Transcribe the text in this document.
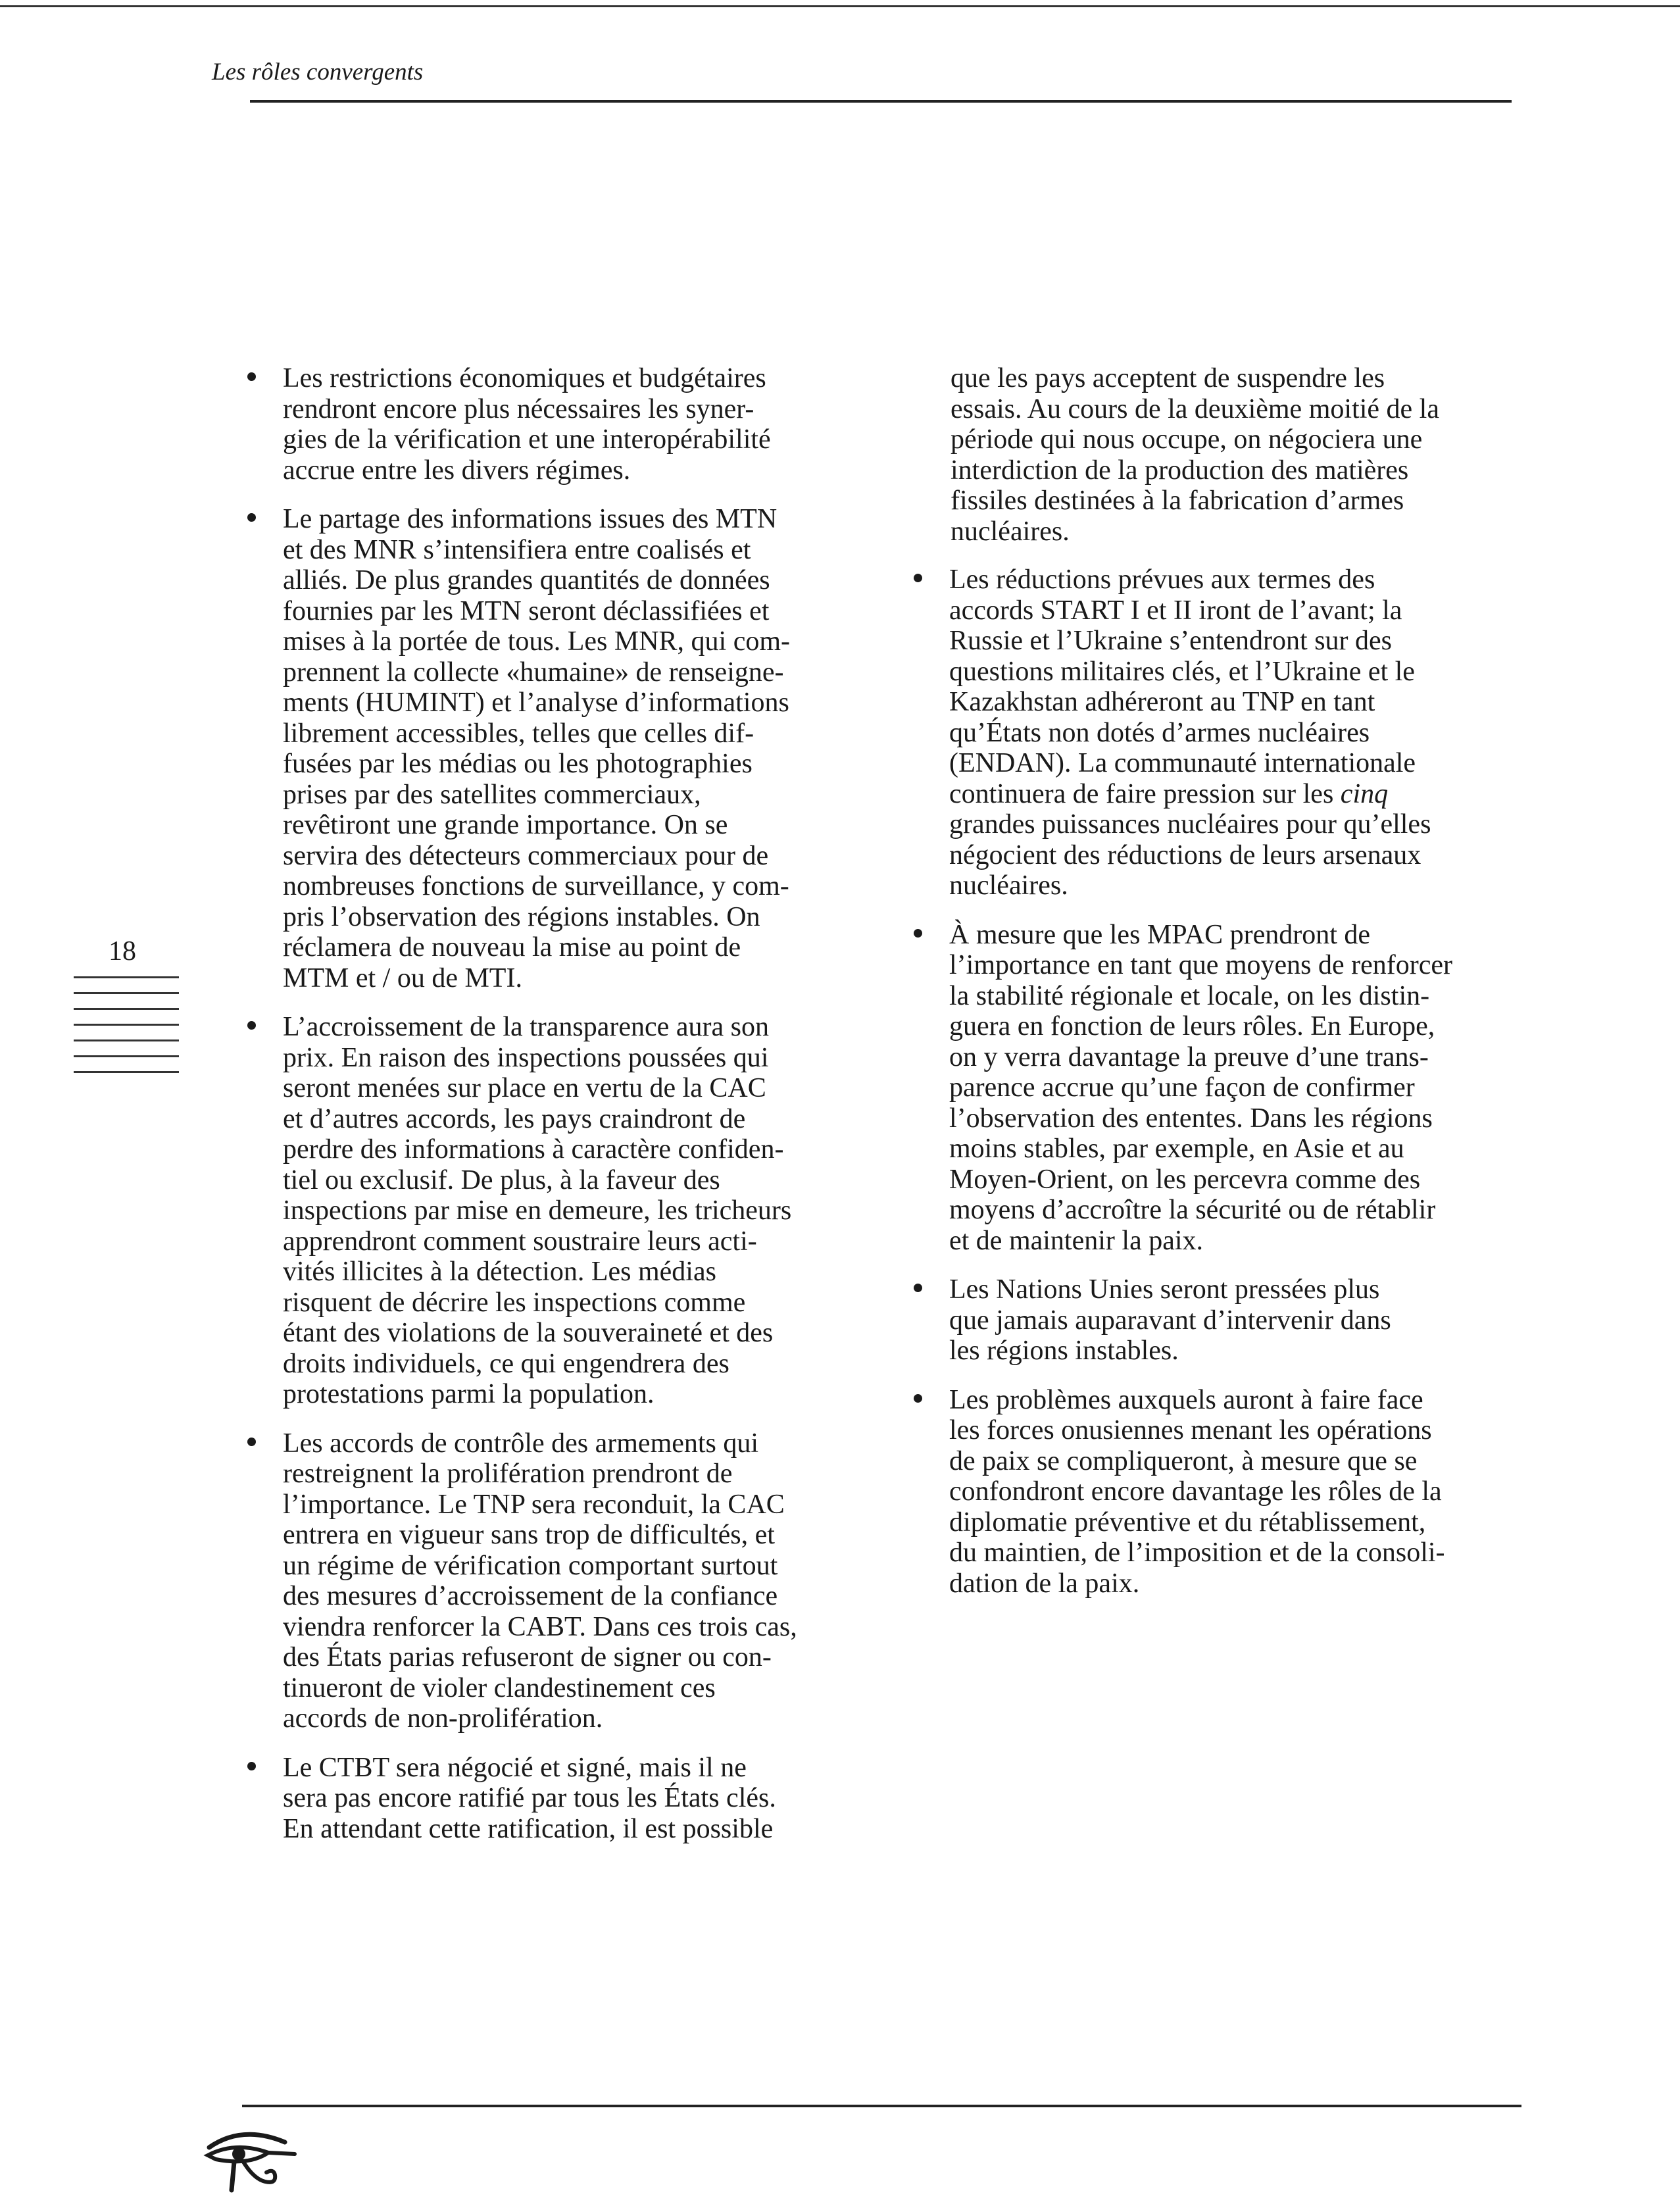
Les rôles convergents
18
Les restrictions économiques et budgétaires
rendront encore plus nécessaires les syner-
gies de la vérification et une interopérabilité
accrue entre les divers régimes.
Le partage des informations issues des MTN
et des MNR s’intensifiera entre coalisés et
alliés. De plus grandes quantités de données
fournies par les MTN seront déclassifiées et
mises à la portée de tous. Les MNR, qui com-
prennent la collecte «humaine» de renseigne-
ments (HUMINT) et l’analyse d’informations
librement accessibles, telles que celles dif-
fusées par les médias ou les photographies
prises par des satellites commerciaux,
revêtiront une grande importance. On se
servira des détecteurs commerciaux pour de
nombreuses fonctions de surveillance, y com-
pris l’observation des régions instables. On
réclamera de nouveau la mise au point de
MTM et / ou de MTI.
L’accroissement de la transparence aura son
prix. En raison des inspections poussées qui
seront menées sur place en vertu de la CAC
et d’autres accords, les pays craindront de
perdre des informations à caractère confiden-
tiel ou exclusif. De plus, à la faveur des
inspections par mise en demeure, les tricheurs
apprendront comment soustraire leurs acti-
vités illicites à la détection. Les médias
risquent de décrire les inspections comme
étant des violations de la souveraineté et des
droits individuels, ce qui engendrera des
protestations parmi la population.
Les accords de contrôle des armements qui
restreignent la prolifération prendront de
l’importance. Le TNP sera reconduit, la CAC
entrera en vigueur sans trop de difficultés, et
un régime de vérification comportant surtout
des mesures d’accroissement de la confiance
viendra renforcer la CABT. Dans ces trois cas,
des États parias refuseront de signer ou con-
tinueront de violer clandestinement ces
accords de non-prolifération.
Le CTBT sera négocié et signé, mais il ne
sera pas encore ratifié par tous les États clés.
En attendant cette ratification, il est possible
que les pays acceptent de suspendre les
essais. Au cours de la deuxième moitié de la
période qui nous occupe, on négociera une
interdiction de la production des matières
fissiles destinées à la fabrication d’armes
nucléaires.
Les réductions prévues aux termes des
accords START I et II iront de l’avant; la
Russie et l’Ukraine s’entendront sur des
questions militaires clés, et l’Ukraine et le
Kazakhstan adhéreront au TNP en tant
qu’États non dotés d’armes nucléaires
(ENDAN). La communauté internationale
continuera de faire pression sur les cinq
grandes puissances nucléaires pour qu’elles
négocient des réductions de leurs arsenaux
nucléaires.
À mesure que les MPAC prendront de
l’importance en tant que moyens de renforcer
la stabilité régionale et locale, on les distin-
guera en fonction de leurs rôles. En Europe,
on y verra davantage la preuve d’une trans-
parence accrue qu’une façon de confirmer
l’observation des ententes. Dans les régions
moins stables, par exemple, en Asie et au
Moyen-Orient, on les percevra comme des
moyens d’accroître la sécurité ou de rétablir
et de maintenir la paix.
Les Nations Unies seront pressées plus
que jamais auparavant d’intervenir dans
les régions instables.
Les problèmes auxquels auront à faire face
les forces onusiennes menant les opérations
de paix se compliqueront, à mesure que se
confondront encore davantage les rôles de la
diplomatie préventive et du rétablissement,
du maintien, de l’imposition et de la consoli-
dation de la paix.
